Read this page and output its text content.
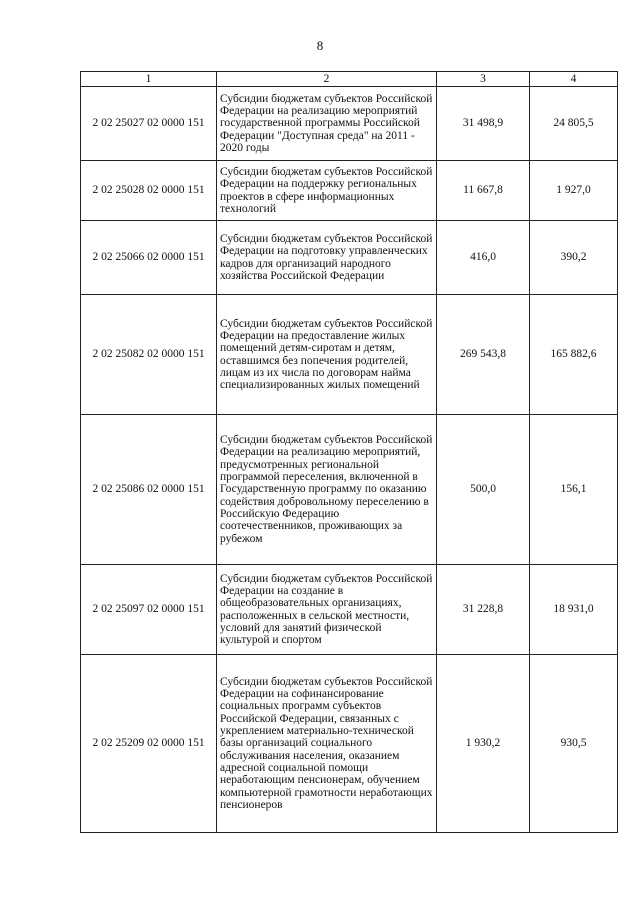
8
1	2	3	4
2 02 25027 02 0000 151	Субсидии бюджетам субъектов Российской Федерации на реализацию мероприятий государственной программы Российской Федерации "Доступная среда" на 2011 - 2020 годы	31 498,9	24 805,5
2 02 25028 02 0000 151	Субсидии бюджетам субъектов Российской Федерации на поддержку региональных проектов в сфере информационных технологий	11 667,8	1 927,0
2 02 25066 02 0000 151	Субсидии бюджетам субъектов Российской Федерации на подготовку управленческих кадров для организаций народного хозяйства Российской Федерации	416,0	390,2
2 02 25082 02 0000 151	Субсидии бюджетам субъектов Российской Федерации на предоставление жилых помещений детям-сиротам и детям, оставшимся без попечения родителей, лицам из их числа по договорам найма специализированных жилых помещений	269 543,8	165 882,6
2 02 25086 02 0000 151	Субсидии бюджетам субъектов Российской Федерации на реализацию мероприятий, предусмотренных региональной программой переселения, включенной в Государственную программу по оказанию содействия добровольному переселению в Российскую Федерацию соотечественников, проживающих за рубежом	500,0	156,1
2 02 25097 02 0000 151	Субсидии бюджетам субъектов Российской Федерации на создание в общеобразовательных организациях, расположенных в сельской местности, условий для занятий физической культурой и спортом	31 228,8	18 931,0
2 02 25209 02 0000 151	Субсидии бюджетам субъектов Российской Федерации на софинансирование социальных программ субъектов Российской Федерации, связанных с укреплением материально-технической базы организаций социального обслуживания населения, оказанием адресной социальной помощи неработающим пенсионерам, обучением компьютерной грамотности неработающих пенсионеров	1 930,2	930,5
